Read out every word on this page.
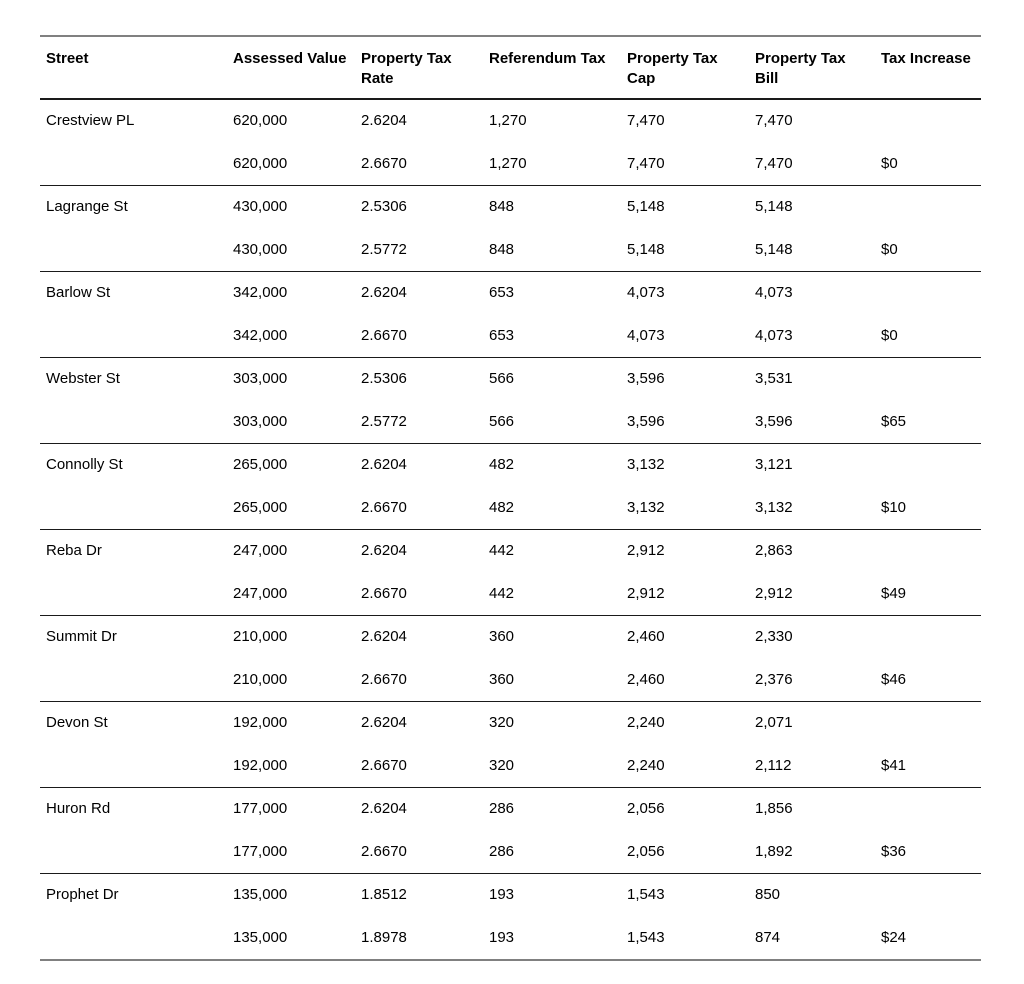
Street	Assessed Value	Property Tax Rate	Referendum Tax	Property Tax Cap	Property Tax Bill	Tax Increase
Crestview PL	620,000	2.6204	1,270	7,470	7,470	
	620,000	2.6670	1,270	7,470	7,470	$0
Lagrange St	430,000	2.5306	848	5,148	5,148	
	430,000	2.5772	848	5,148	5,148	$0
Barlow St	342,000	2.6204	653	4,073	4,073	
	342,000	2.6670	653	4,073	4,073	$0
Webster St	303,000	2.5306	566	3,596	3,531	
	303,000	2.5772	566	3,596	3,596	$65
Connolly St	265,000	2.6204	482	3,132	3,121	
	265,000	2.6670	482	3,132	3,132	$10
Reba Dr	247,000	2.6204	442	2,912	2,863	
	247,000	2.6670	442	2,912	2,912	$49
Summit Dr	210,000	2.6204	360	2,460	2,330	
	210,000	2.6670	360	2,460	2,376	$46
Devon St	192,000	2.6204	320	2,240	2,071	
	192,000	2.6670	320	2,240	2,112	$41
Huron Rd	177,000	2.6204	286	2,056	1,856	
	177,000	2.6670	286	2,056	1,892	$36
Prophet Dr	135,000	1.8512	193	1,543	850	
	135,000	1.8978	193	1,543	874	$24
